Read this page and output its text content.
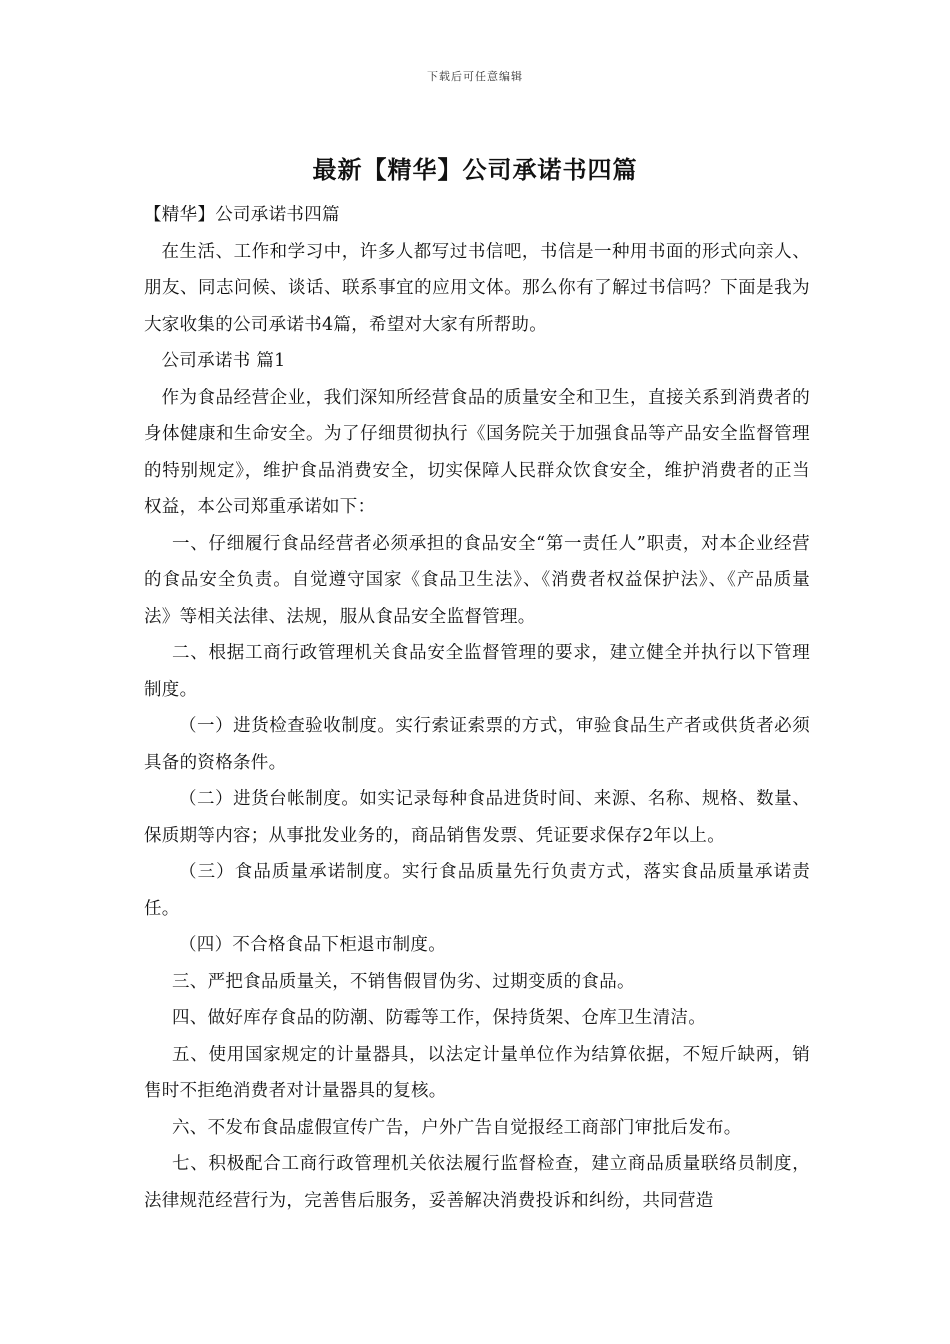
下载后可任意编辑
最新【精华】公司承诺书四篇

【精华】公司承诺书四篇

在生活、工作和学习中，许多人都写过书信吧，书信是一种用书面的形式向亲人、朋友、同志问候、谈话、联系事宜的应用文体。那么你有了解过书信吗？下面是我为大家收集的公司承诺书4篇，希望对大家有所帮助。

公司承诺书 篇1

作为食品经营企业，我们深知所经营食品的质量安全和卫生，直接关系到消费者的身体健康和生命安全。为了仔细贯彻执行《国务院关于加强食品等产品安全监督管理的特别规定》，维护食品消费安全，切实保障人民群众饮食安全，维护消费者的正当权益，本公司郑重承诺如下：

一、仔细履行食品经营者必须承担的食品安全“第一责任人”职责，对本企业经营的食品安全负责。自觉遵守国家《食品卫生法》、《消费者权益保护法》、《产品质量法》等相关法律、法规，服从食品安全监督管理。

二、根据工商行政管理机关食品安全监督管理的要求，建立健全并执行以下管理制度。

（一）进货检查验收制度。实行索证索票的方式，审验食品生产者或供货者必须具备的资格条件。

（二）进货台帐制度。如实记录每种食品进货时间、来源、名称、规格、数量、保质期等内容；从事批发业务的，商品销售发票、凭证要求保存2年以上。

（三）食品质量承诺制度。实行食品质量先行负责方式，落实食品质量承诺责任。

（四）不合格食品下柜退市制度。

三、严把食品质量关，不销售假冒伪劣、过期变质的食品。

四、做好库存食品的防潮、防霉等工作，保持货架、仓库卫生清洁。

五、使用国家规定的计量器具，以法定计量单位作为结算依据，不短斤缺两，销售时不拒绝消费者对计量器具的复核。

六、不发布食品虚假宣传广告，户外广告自觉报经工商部门审批后发布。

七、积极配合工商行政管理机关依法履行监督检查，建立商品质量联络员制度，法律规范经营行为，完善售后服务，妥善解决消费投诉和纠纷，共同营造
